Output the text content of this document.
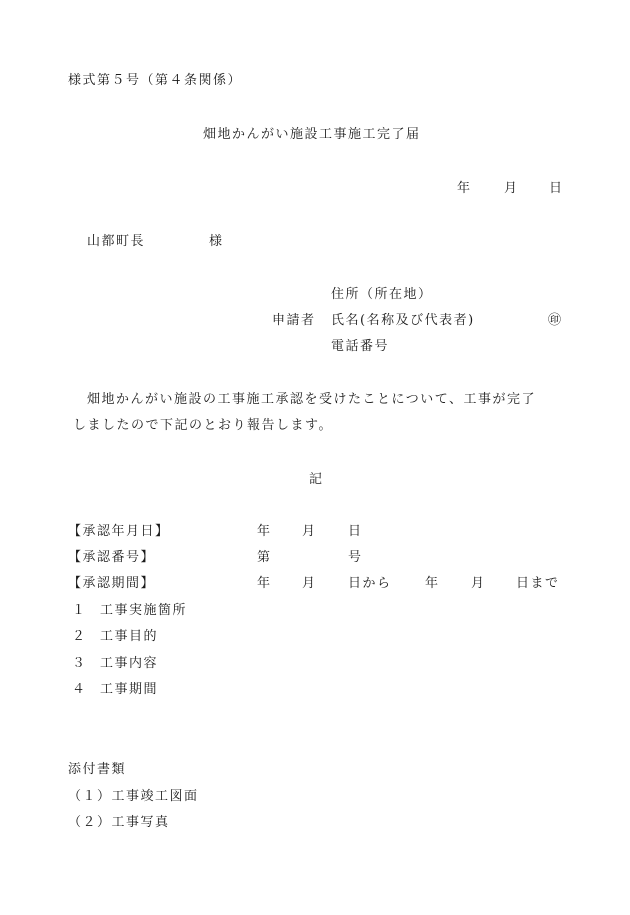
様式第５号（第４条関係）
畑地かんがい施設工事施工完了届
年 月 日
山都町長	様
住所（所在地）
申請者 氏名(名称及び代表者)	㊞
電話番号
畑地かんがい施設の工事施工承認を受けたことについて、工事が完了
しましたので下記のとおり報告します。
記
【承認年月日】	年 月 日
【承認番号】	第	号
【承認期間】	年 月 日から	年 月 日まで
１ 工事実施箇所
２ 工事目的
３ 工事内容
４ 工事期間
添付書類
（１）工事竣工図面
（２）工事写真
